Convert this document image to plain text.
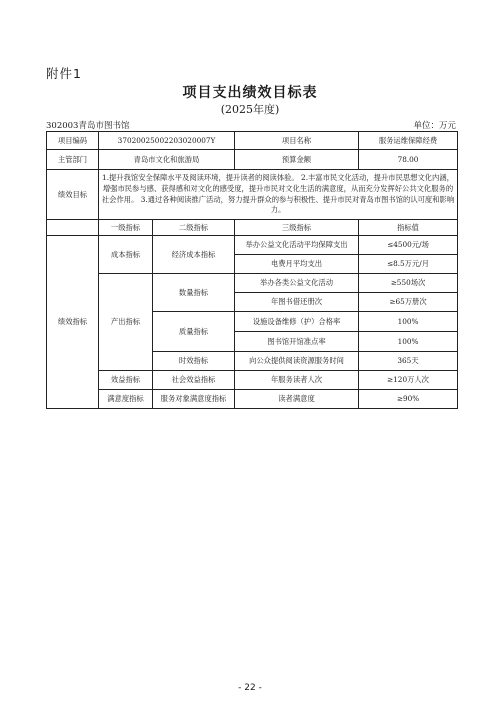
附件1
项目支出绩效目标表
(2025年度)
302003青岛市图书馆	单位：万元
项目编码	37020025002203020007Y		项目名称	服务运维保障经费
主管部门	青岛市文化和旅游局		预算金额	78.00
绩效目标	1.提升我馆安全保障水平及阅读环境，提升读者的阅读体验。 2.丰富市民文化活动，提升市民思想文化内涵，增强市民参与感、获得感和对文化的感受度，提升市民对文化生活的满意度，从而充分发挥好公共文化服务的社会作用。 3.通过各种阅读推广活动，努力提升群众的参与积极性、提升市民对青岛市图书馆的认可度和影响力。			
	一级指标	二级指标	三级指标	指标值
绩效指标	成本指标	经济成本指标	举办公益文化活动平均保障支出	≤4500元/场
			电费月平均支出	≤8.5万元/月
	产出指标	数量指标	举办各类公益文化活动	≥550场次
			年图书借还册次	≥65万册次
		质量指标	设施设备维修（护）合格率	100%
			图书馆开馆准点率	100%
		时效指标	向公众提供阅读资源服务时间	365天
	效益指标	社会效益指标	年服务读者人次	≥120万人次
	满意度指标	服务对象满意度指标	读者满意度	≥90%
- 22 -
